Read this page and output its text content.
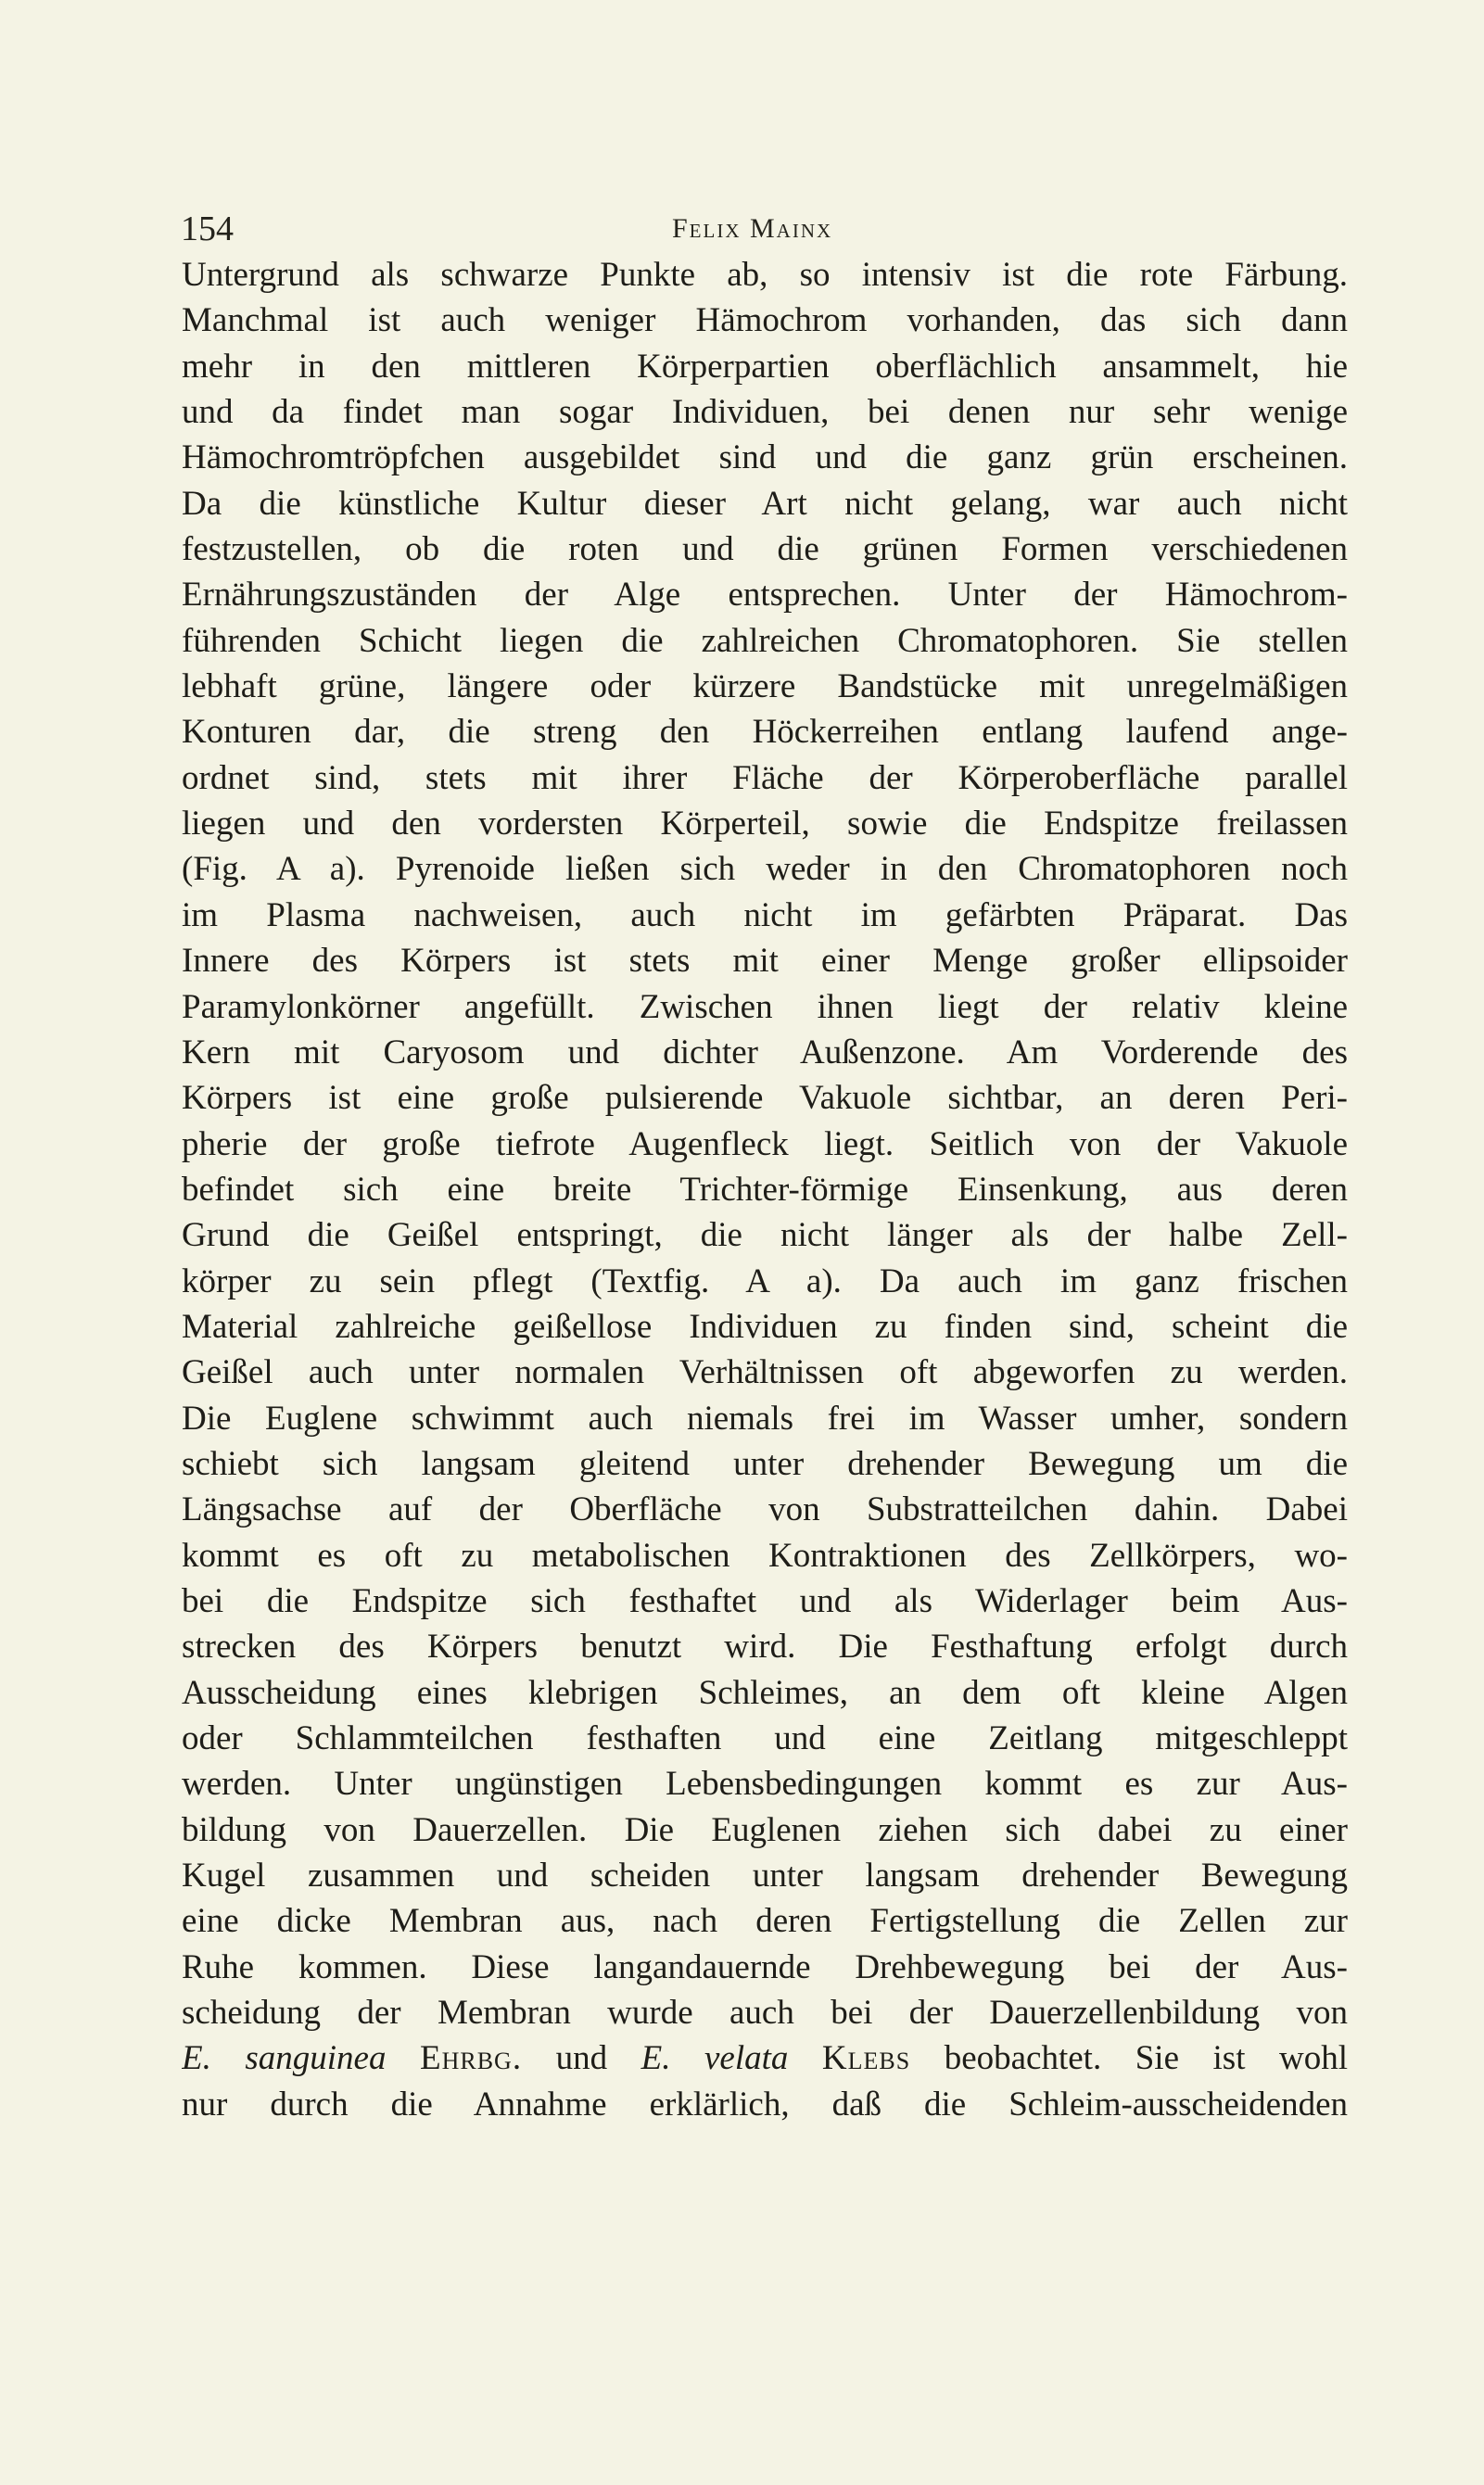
154	Felix Mainx
Untergrund als schwarze Punkte ab, so intensiv ist die rote Färbung.
Manchmal ist auch weniger Hämochrom vorhanden, das sich dann
mehr in den mittleren Körperpartien oberflächlich ansammelt, hie
und da findet man sogar Individuen, bei denen nur sehr wenige
Hämochromtröpfchen ausgebildet sind und die ganz grün erscheinen.
Da die künstliche Kultur dieser Art nicht gelang, war auch nicht
festzustellen, ob die roten und die grünen Formen verschiedenen
Ernährungszuständen der Alge entsprechen. Unter der Hämochrom-
führenden Schicht liegen die zahlreichen Chromatophoren. Sie stellen
lebhaft grüne, längere oder kürzere Bandstücke mit unregelmäßigen
Konturen dar, die streng den Höckerreihen entlang laufend ange-
ordnet sind, stets mit ihrer Fläche der Körperoberfläche parallel
liegen und den vordersten Körperteil, sowie die Endspitze freilassen
(Fig. A a). Pyrenoide ließen sich weder in den Chromatophoren noch
im Plasma nachweisen, auch nicht im gefärbten Präparat. Das
Innere des Körpers ist stets mit einer Menge großer ellipsoider
Paramylonkörner angefüllt. Zwischen ihnen liegt der relativ kleine
Kern mit Caryosom und dichter Außenzone. Am Vorderende des
Körpers ist eine große pulsierende Vakuole sichtbar, an deren Peri-
pherie der große tiefrote Augenfleck liegt. Seitlich von der Vakuole
befindet sich eine breite Trichter-förmige Einsenkung, aus deren
Grund die Geißel entspringt, die nicht länger als der halbe Zell-
körper zu sein pflegt (Textfig. A a). Da auch im ganz frischen
Material zahlreiche geißellose Individuen zu finden sind, scheint die
Geißel auch unter normalen Verhältnissen oft abgeworfen zu werden.
Die Euglene schwimmt auch niemals frei im Wasser umher, sondern
schiebt sich langsam gleitend unter drehender Bewegung um die
Längsachse auf der Oberfläche von Substratteilchen dahin. Dabei
kommt es oft zu metabolischen Kontraktionen des Zellkörpers, wo-
bei die Endspitze sich festhaftet und als Widerlager beim Aus-
strecken des Körpers benutzt wird. Die Festhaftung erfolgt durch
Ausscheidung eines klebrigen Schleimes, an dem oft kleine Algen
oder Schlammteilchen festhaften und eine Zeitlang mitgeschleppt
werden. Unter ungünstigen Lebensbedingungen kommt es zur Aus-
bildung von Dauerzellen. Die Euglenen ziehen sich dabei zu einer
Kugel zusammen und scheiden unter langsam drehender Bewegung
eine dicke Membran aus, nach deren Fertigstellung die Zellen zur
Ruhe kommen. Diese langandauernde Drehbewegung bei der Aus-
scheidung der Membran wurde auch bei der Dauerzellenbildung von
E. sanguinea Ehrbg. und E. velata Klebs beobachtet. Sie ist wohl
nur durch die Annahme erklärlich, daß die Schleim-ausscheidenden
